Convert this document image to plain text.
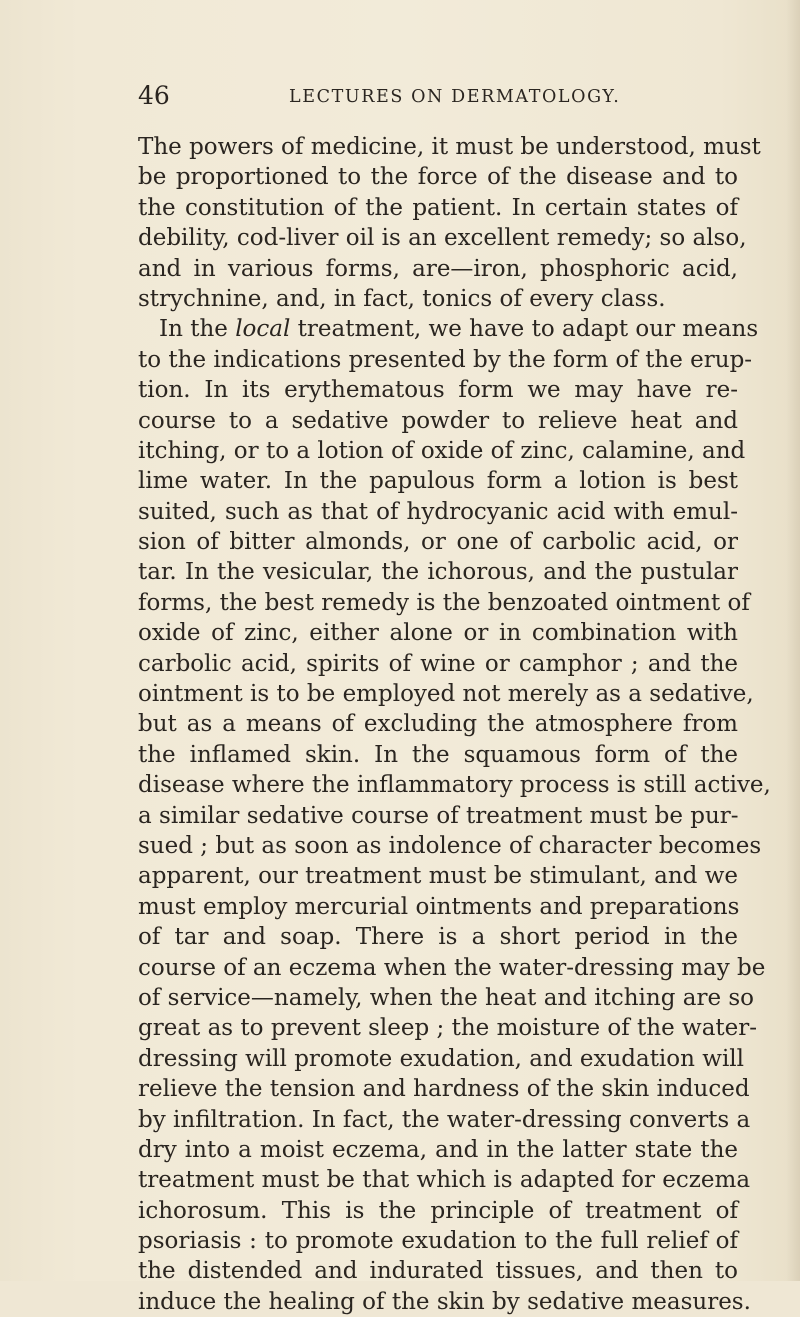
46	LECTURES ON DERMATOLOGY.
The powers of medicine, it must be understood, must
be proportioned to the force of the disease and to
the constitution of the patient. In certain states of
debility, cod-liver oil is an excellent remedy; so also,
and in various forms, are—iron, phosphoric acid,
strychnine, and, in fact, tonics of every class.
In the local treatment, we have to adapt our means
to the indications presented by the form of the erup-
tion. In its erythematous form we may have re-
course to a sedative powder to relieve heat and
itching, or to a lotion of oxide of zinc, calamine, and
lime water. In the papulous form a lotion is best
suited, such as that of hydrocyanic acid with emul-
sion of bitter almonds, or one of carbolic acid, or
tar. In the vesicular, the ichorous, and the pustular
forms, the best remedy is the benzoated ointment of
oxide of zinc, either alone or in combination with
carbolic acid, spirits of wine or camphor ; and the
ointment is to be employed not merely as a sedative,
but as a means of excluding the atmosphere from
the inflamed skin. In the squamous form of the
disease where the inflammatory process is still active,
a similar sedative course of treatment must be pur-
sued ; but as soon as indolence of character becomes
apparent, our treatment must be stimulant, and we
must employ mercurial ointments and preparations
of tar and soap. There is a short period in the
course of an eczema when the water-dressing may be
of service—namely, when the heat and itching are so
great as to prevent sleep ; the moisture of the water-
dressing will promote exudation, and exudation will
relieve the tension and hardness of the skin induced
by infiltration. In fact, the water-dressing converts a
dry into a moist eczema, and in the latter state the
treatment must be that which is adapted for eczema
ichorosum. This is the principle of treatment of
psoriasis : to promote exudation to the full relief of
the distended and indurated tissues, and then to
induce the healing of the skin by sedative measures.
